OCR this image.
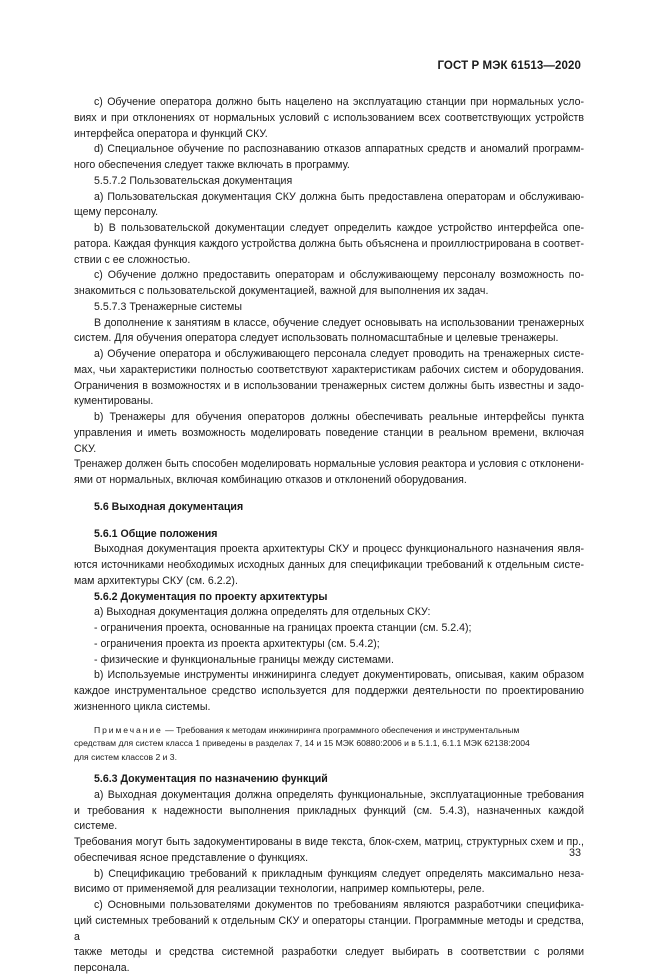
ГОСТ Р МЭК 61513—2020

c) Обучение оператора должно быть нацелено на эксплуатацию станции при нормальных усло-

виях и при отклонениях от нормальных условий с использованием всех соответствующих устройств

интерфейса оператора и функций СКУ.

d) Специальное обучение по распознаванию отказов аппаратных средств и аномалий программ-

ного обеспечения следует также включать в программу.

5.5.7.2 Пользовательская документация

a) Пользовательская документация СКУ должна быть предоставлена операторам и обслуживаю-

щему персоналу.

b) В пользовательской документации следует определить каждое устройство интерфейса опе-

ратора. Каждая функция каждого устройства должна быть объяснена и проиллюстрирована в соответ-

ствии с ее сложностью.

c) Обучение должно предоставить операторам и обслуживающему персоналу возможность по-

знакомиться с пользовательской документацией, важной для выполнения их задач.

5.5.7.3 Тренажерные системы

В дополнение к занятиям в классе, обучение следует основывать на использовании тренажерных

систем. Для обучения оператора следует использовать полномасштабные и целевые тренажеры.

a) Обучение оператора и обслуживающего персонала следует проводить на тренажерных систе-

мах, чьи характеристики полностью соответствуют характеристикам рабочих систем и оборудования.

Ограничения в возможностях и в использовании тренажерных систем должны быть известны и задо-

кументированы.

b) Тренажеры для обучения операторов должны обеспечивать реальные интерфейсы пункта

управления и иметь возможность моделировать поведение станции в реальном времени, включая СКУ.

Тренажер должен быть способен моделировать нормальные условия реактора и условия с отклонени-

ями от нормальных, включая комбинацию отказов и отклонений оборудования.

5.6 Выходная документация

5.6.1 Общие положения

Выходная документация проекта архитектуры СКУ и процесс функционального назначения явля-

ются источниками необходимых исходных данных для спецификации требований к отдельным систе-

мам архитектуры СКУ (см. 6.2.2).

5.6.2 Документация по проекту архитектуры

a) Выходная документация должна определять для отдельных СКУ:

- ограничения проекта, основанные на границах проекта станции (см. 5.2.4);

- ограничения проекта из проекта архитектуры (см. 5.4.2);

- физические и функциональные границы между системами.

b) Используемые инструменты инжиниринга следует документировать, описывая, каким образом

каждое инструментальное средство используется для поддержки деятельности по проектированию

жизненного цикла системы.

Примечание — Требования к методам инжиниринга программного обеспечения и инструментальным
средствам для систем класса 1 приведены в разделах 7, 14 и 15 МЭК 60880:2006 и в 5.1.1, 6.1.1 МЭК 62138:2004
для систем классов 2 и 3.

5.6.3 Документация по назначению функций

a) Выходная документация должна определять функциональные, эксплуатационные требования

и требования к надежности выполнения прикладных функций (см. 5.4.3), назначенных каждой системе.

Требования могут быть задокументированы в виде текста, блок-схем, матриц, структурных схем и пр.,

обеспечивая ясное представление о функциях.

b) Спецификацию требований к прикладным функциям следует определять максимально неза-

висимо от применяемой для реализации технологии, например компьютеры, реле.

c) Основными пользователями документов по требованиям являются разработчики специфика-

ций системных требований к отдельным СКУ и операторы станции. Программные методы и средства, а

также методы и средства системной разработки следует выбирать в соответствии с ролями персонала.

33
